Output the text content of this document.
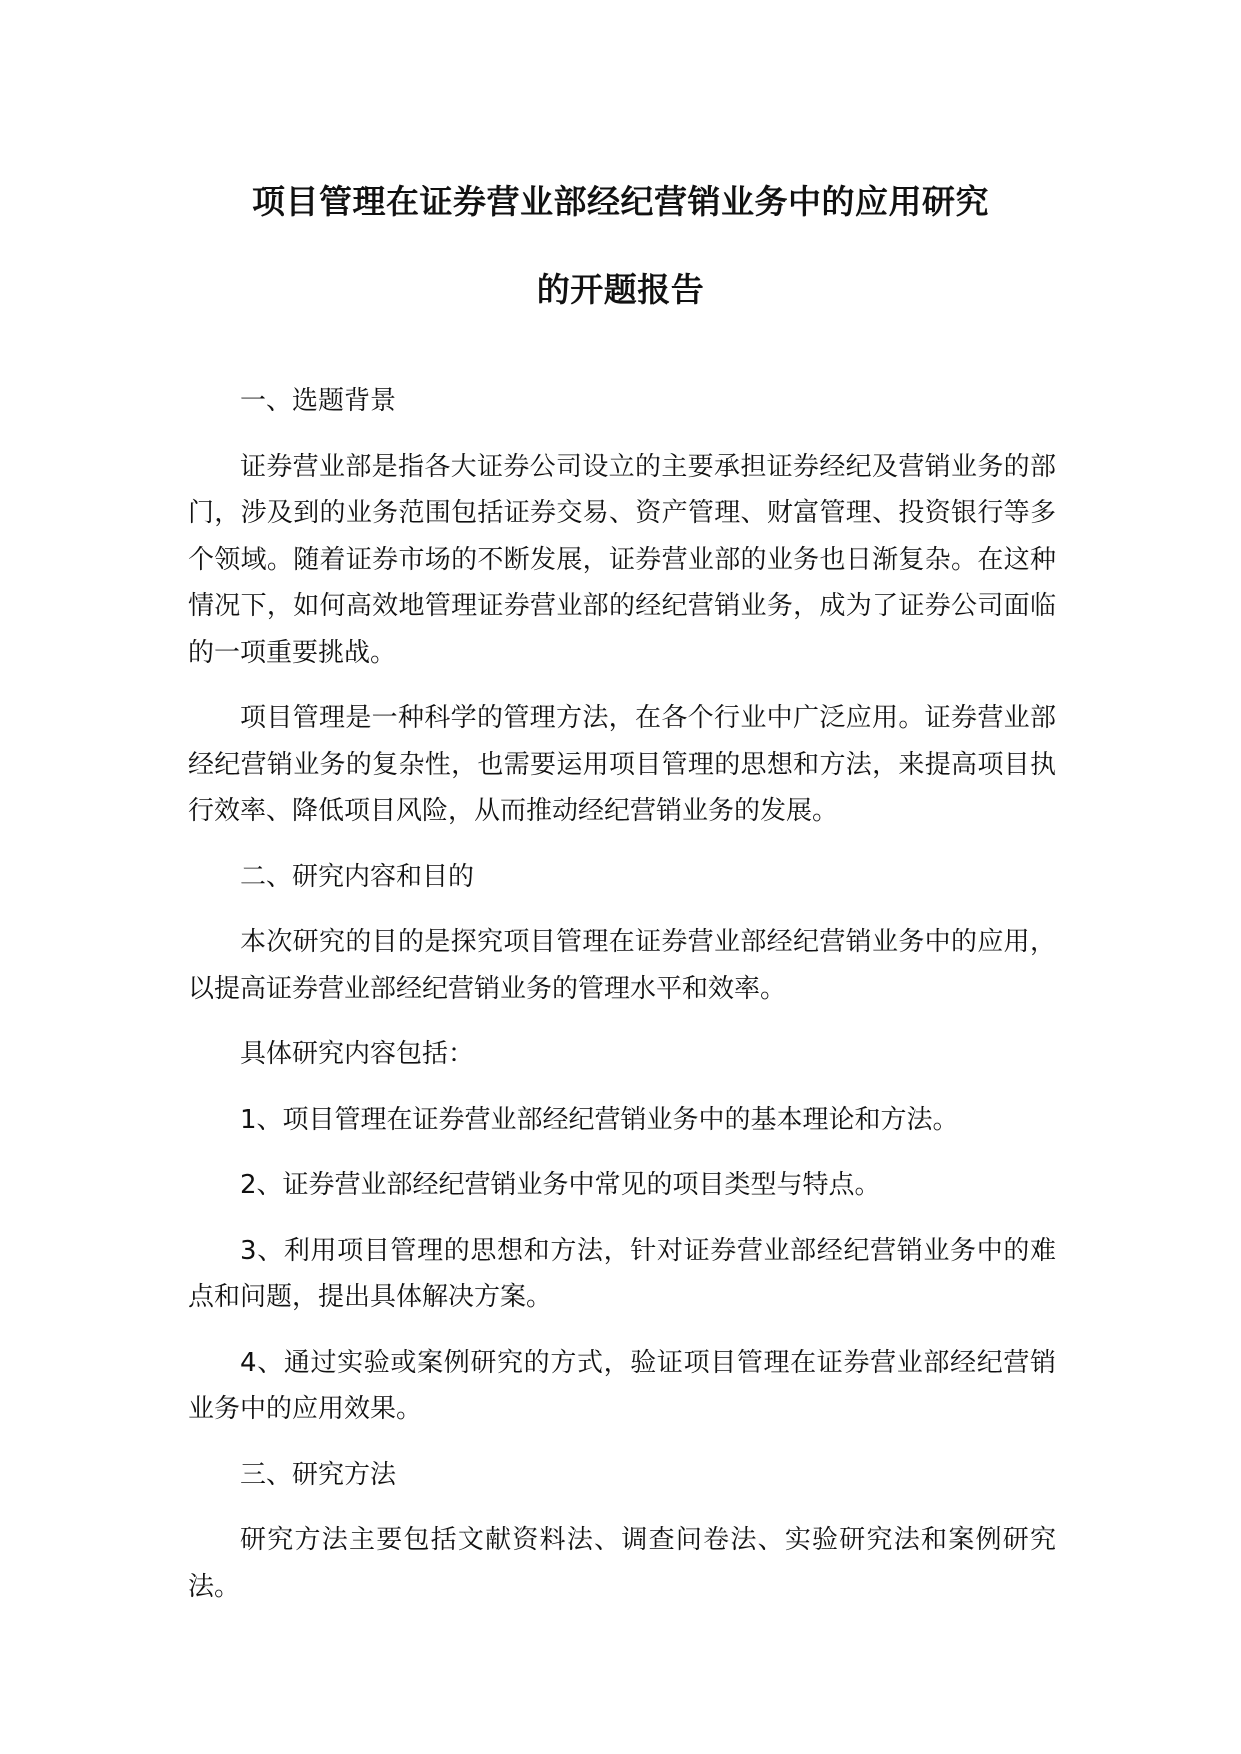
项目管理在证券营业部经纪营销业务中的应用研究
的开题报告

一、选题背景

证券营业部是指各大证券公司设立的主要承担证券经纪及营销业务的部门，涉及到的业务范围包括证券交易、资产管理、财富管理、投资银行等多个领域。随着证券市场的不断发展，证券营业部的业务也日渐复杂。在这种情况下，如何高效地管理证券营业部的经纪营销业务，成为了证券公司面临的一项重要挑战。

项目管理是一种科学的管理方法，在各个行业中广泛应用。证券营业部经纪营销业务的复杂性，也需要运用项目管理的思想和方法，来提高项目执行效率、降低项目风险，从而推动经纪营销业务的发展。

二、研究内容和目的

本次研究的目的是探究项目管理在证券营业部经纪营销业务中的应用，以提高证券营业部经纪营销业务的管理水平和效率。

具体研究内容包括：

1、项目管理在证券营业部经纪营销业务中的基本理论和方法。

2、证券营业部经纪营销业务中常见的项目类型与特点。

3、利用项目管理的思想和方法，针对证券营业部经纪营销业务中的难点和问题，提出具体解决方案。

4、通过实验或案例研究的方式，验证项目管理在证券营业部经纪营销业务中的应用效果。

三、研究方法

研究方法主要包括文献资料法、调查问卷法、实验研究法和案例研究法。
